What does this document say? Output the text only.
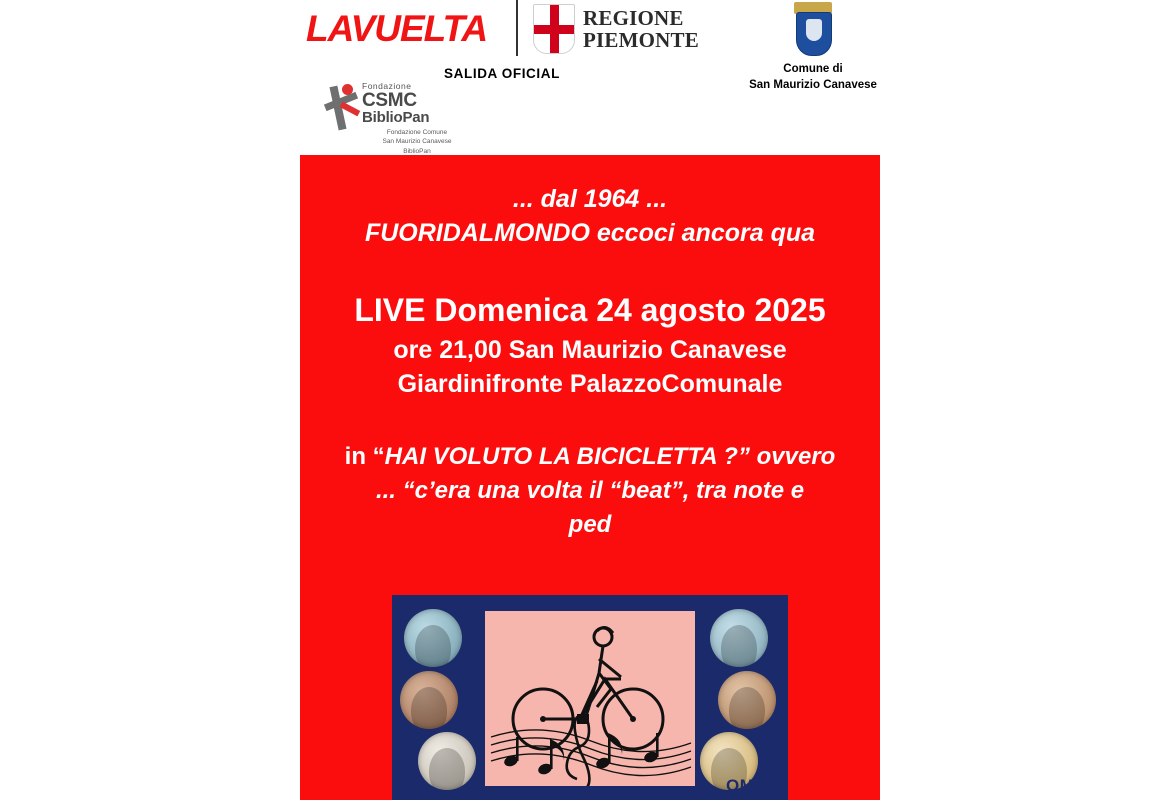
LAVUELTA	REGIONE
PIEMONTE
Comune di
San Maurizio Canavese
SALIDA OFICIAL
Fondazione
CSMC
BiblioPan
Fondazione Comune
San Maurizio Canavese
BiblioPan
... dal 1964 ...
FUORIDALMONDO eccoci ancora qua
LIVE Domenica 24 agosto 2025
ore 21,00 San Maurizio Canavese
Giardinifronte PalazzoComunale
in “HAI VOLUTO LA BICICLETTA ?” ovvero
... “c’era una volta il “beat”, tra note e
ped
OMCR
